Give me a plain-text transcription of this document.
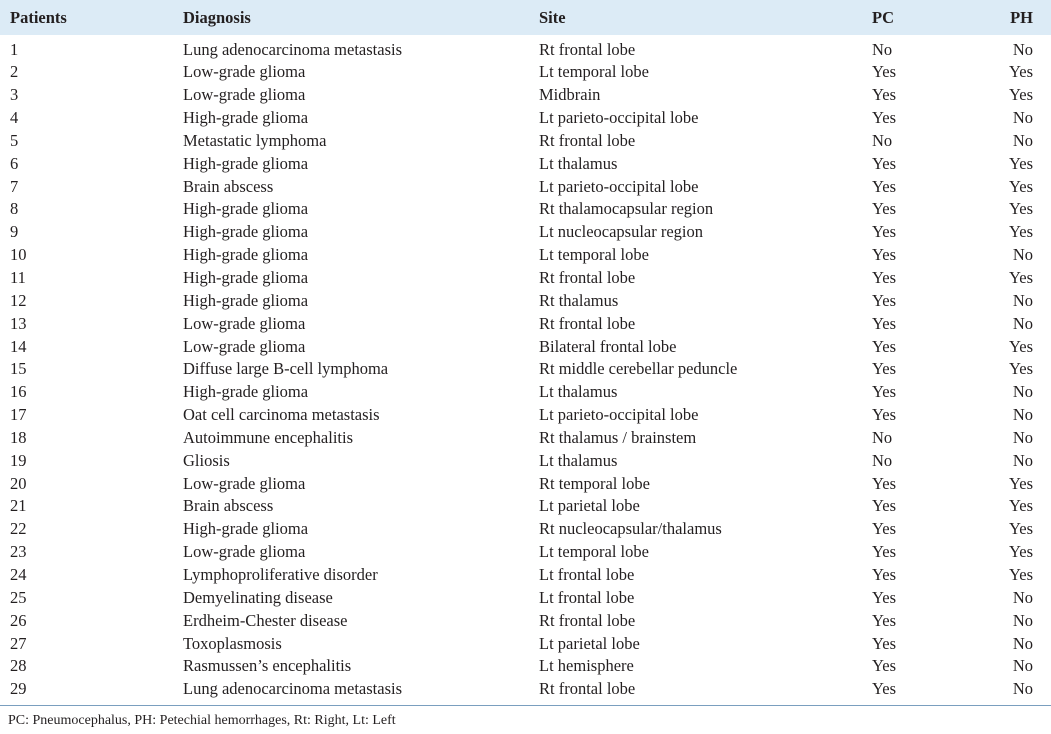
Patients	Diagnosis	Site	PC	PH
1	Lung adenocarcinoma metastasis	Rt frontal lobe	No	No
2	Low-grade glioma	Lt temporal lobe	Yes	Yes
3	Low-grade glioma	Midbrain	Yes	Yes
4	High-grade glioma	Lt parieto-occipital lobe	Yes	No
5	Metastatic lymphoma	Rt frontal lobe	No	No
6	High-grade glioma	Lt thalamus	Yes	Yes
7	Brain abscess	Lt parieto-occipital lobe	Yes	Yes
8	High-grade glioma	Rt thalamocapsular region	Yes	Yes
9	High-grade glioma	Lt nucleocapsular region	Yes	Yes
10	High-grade glioma	Lt temporal lobe	Yes	No
11	High-grade glioma	Rt frontal lobe	Yes	Yes
12	High-grade glioma	Rt thalamus	Yes	No
13	Low-grade glioma	Rt frontal lobe	Yes	No
14	Low-grade glioma	Bilateral frontal lobe	Yes	Yes
15	Diffuse large B-cell lymphoma	Rt middle cerebellar peduncle	Yes	Yes
16	High-grade glioma	Lt thalamus	Yes	No
17	Oat cell carcinoma metastasis	Lt parieto-occipital lobe	Yes	No
18	Autoimmune encephalitis	Rt thalamus / brainstem	No	No
19	Gliosis	Lt thalamus	No	No
20	Low-grade glioma	Rt temporal lobe	Yes	Yes
21	Brain abscess	Lt parietal lobe	Yes	Yes
22	High-grade glioma	Rt nucleocapsular/thalamus	Yes	Yes
23	Low-grade glioma	Lt temporal lobe	Yes	Yes
24	Lymphoproliferative disorder	Lt frontal lobe	Yes	Yes
25	Demyelinating disease	Lt frontal lobe	Yes	No
26	Erdheim-Chester disease	Rt frontal lobe	Yes	No
27	Toxoplasmosis	Lt parietal lobe	Yes	No
28	Rasmussen’s encephalitis	Lt hemisphere	Yes	No
29	Lung adenocarcinoma metastasis	Rt frontal lobe	Yes	No
PC: Pneumocephalus, PH: Petechial hemorrhages, Rt: Right, Lt: Left
